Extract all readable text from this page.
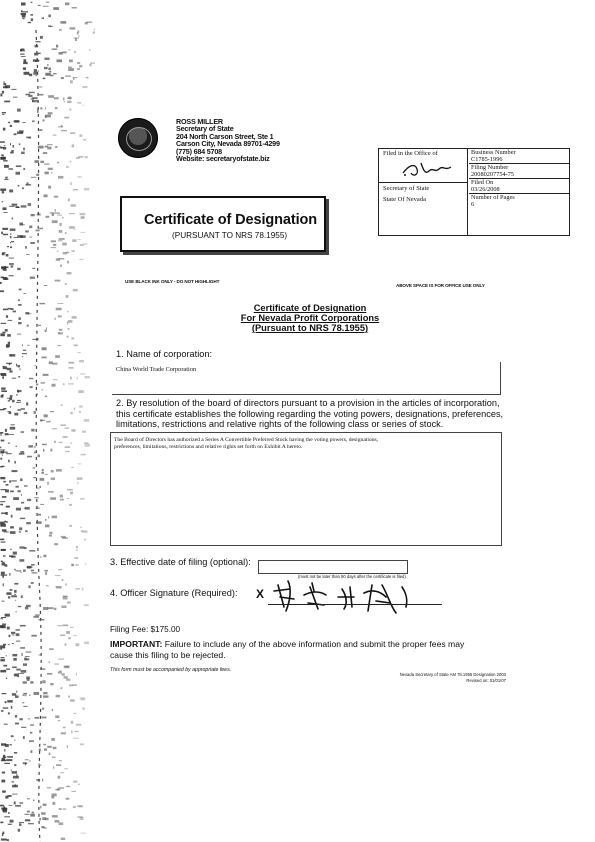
ROSS MILLER
Secretary of State
204 North Carson Street, Ste 1
Carson City, Nevada 89701-4299
(775) 684 5708
Website: secretaryofstate.biz
Filed in the Office of
Secretary of State
State Of Nevada
Business Number
C1785-1996
Filing Number
20080207754-75
Filed On
03/26/2008
Number of Pages
6
Certificate of Designation
(PURSUANT TO NRS 78.1955)
USE BLACK INK ONLY - DO NOT HIGHLIGHT
ABOVE SPACE IS FOR OFFICE USE ONLY
Certificate of Designation
For Nevada Profit Corporations
(Pursuant to NRS 78.1955)
1. Name of corporation:
China World Trade Corporation
2. By resolution of the board of directors pursuant to a provision in the articles of incorporation,
this certificate establishes the following regarding the voting powers, designations, preferences,
limitations, restrictions and relative rights of the following class or series of stock.
The Board of Directors has authorized a Series A Convertible Preferred Stock having the voting powers, designations,
preferences, limitations, restrictions and relative rights set forth on Exhibit A hereto.
3. Effective date of filing (optional):
(must not be later than 90 days after the certificate is filed)
4. Officer Signature (Required): X
Filing Fee: $175.00
IMPORTANT: Failure to include any of the above information and submit the proper fees may
cause this filing to be rejected.
This form must be accompanied by appropriate fees.
Nevada Secretary of State AM 78.1955 Designation 2003
Revised on: 01/01/07
